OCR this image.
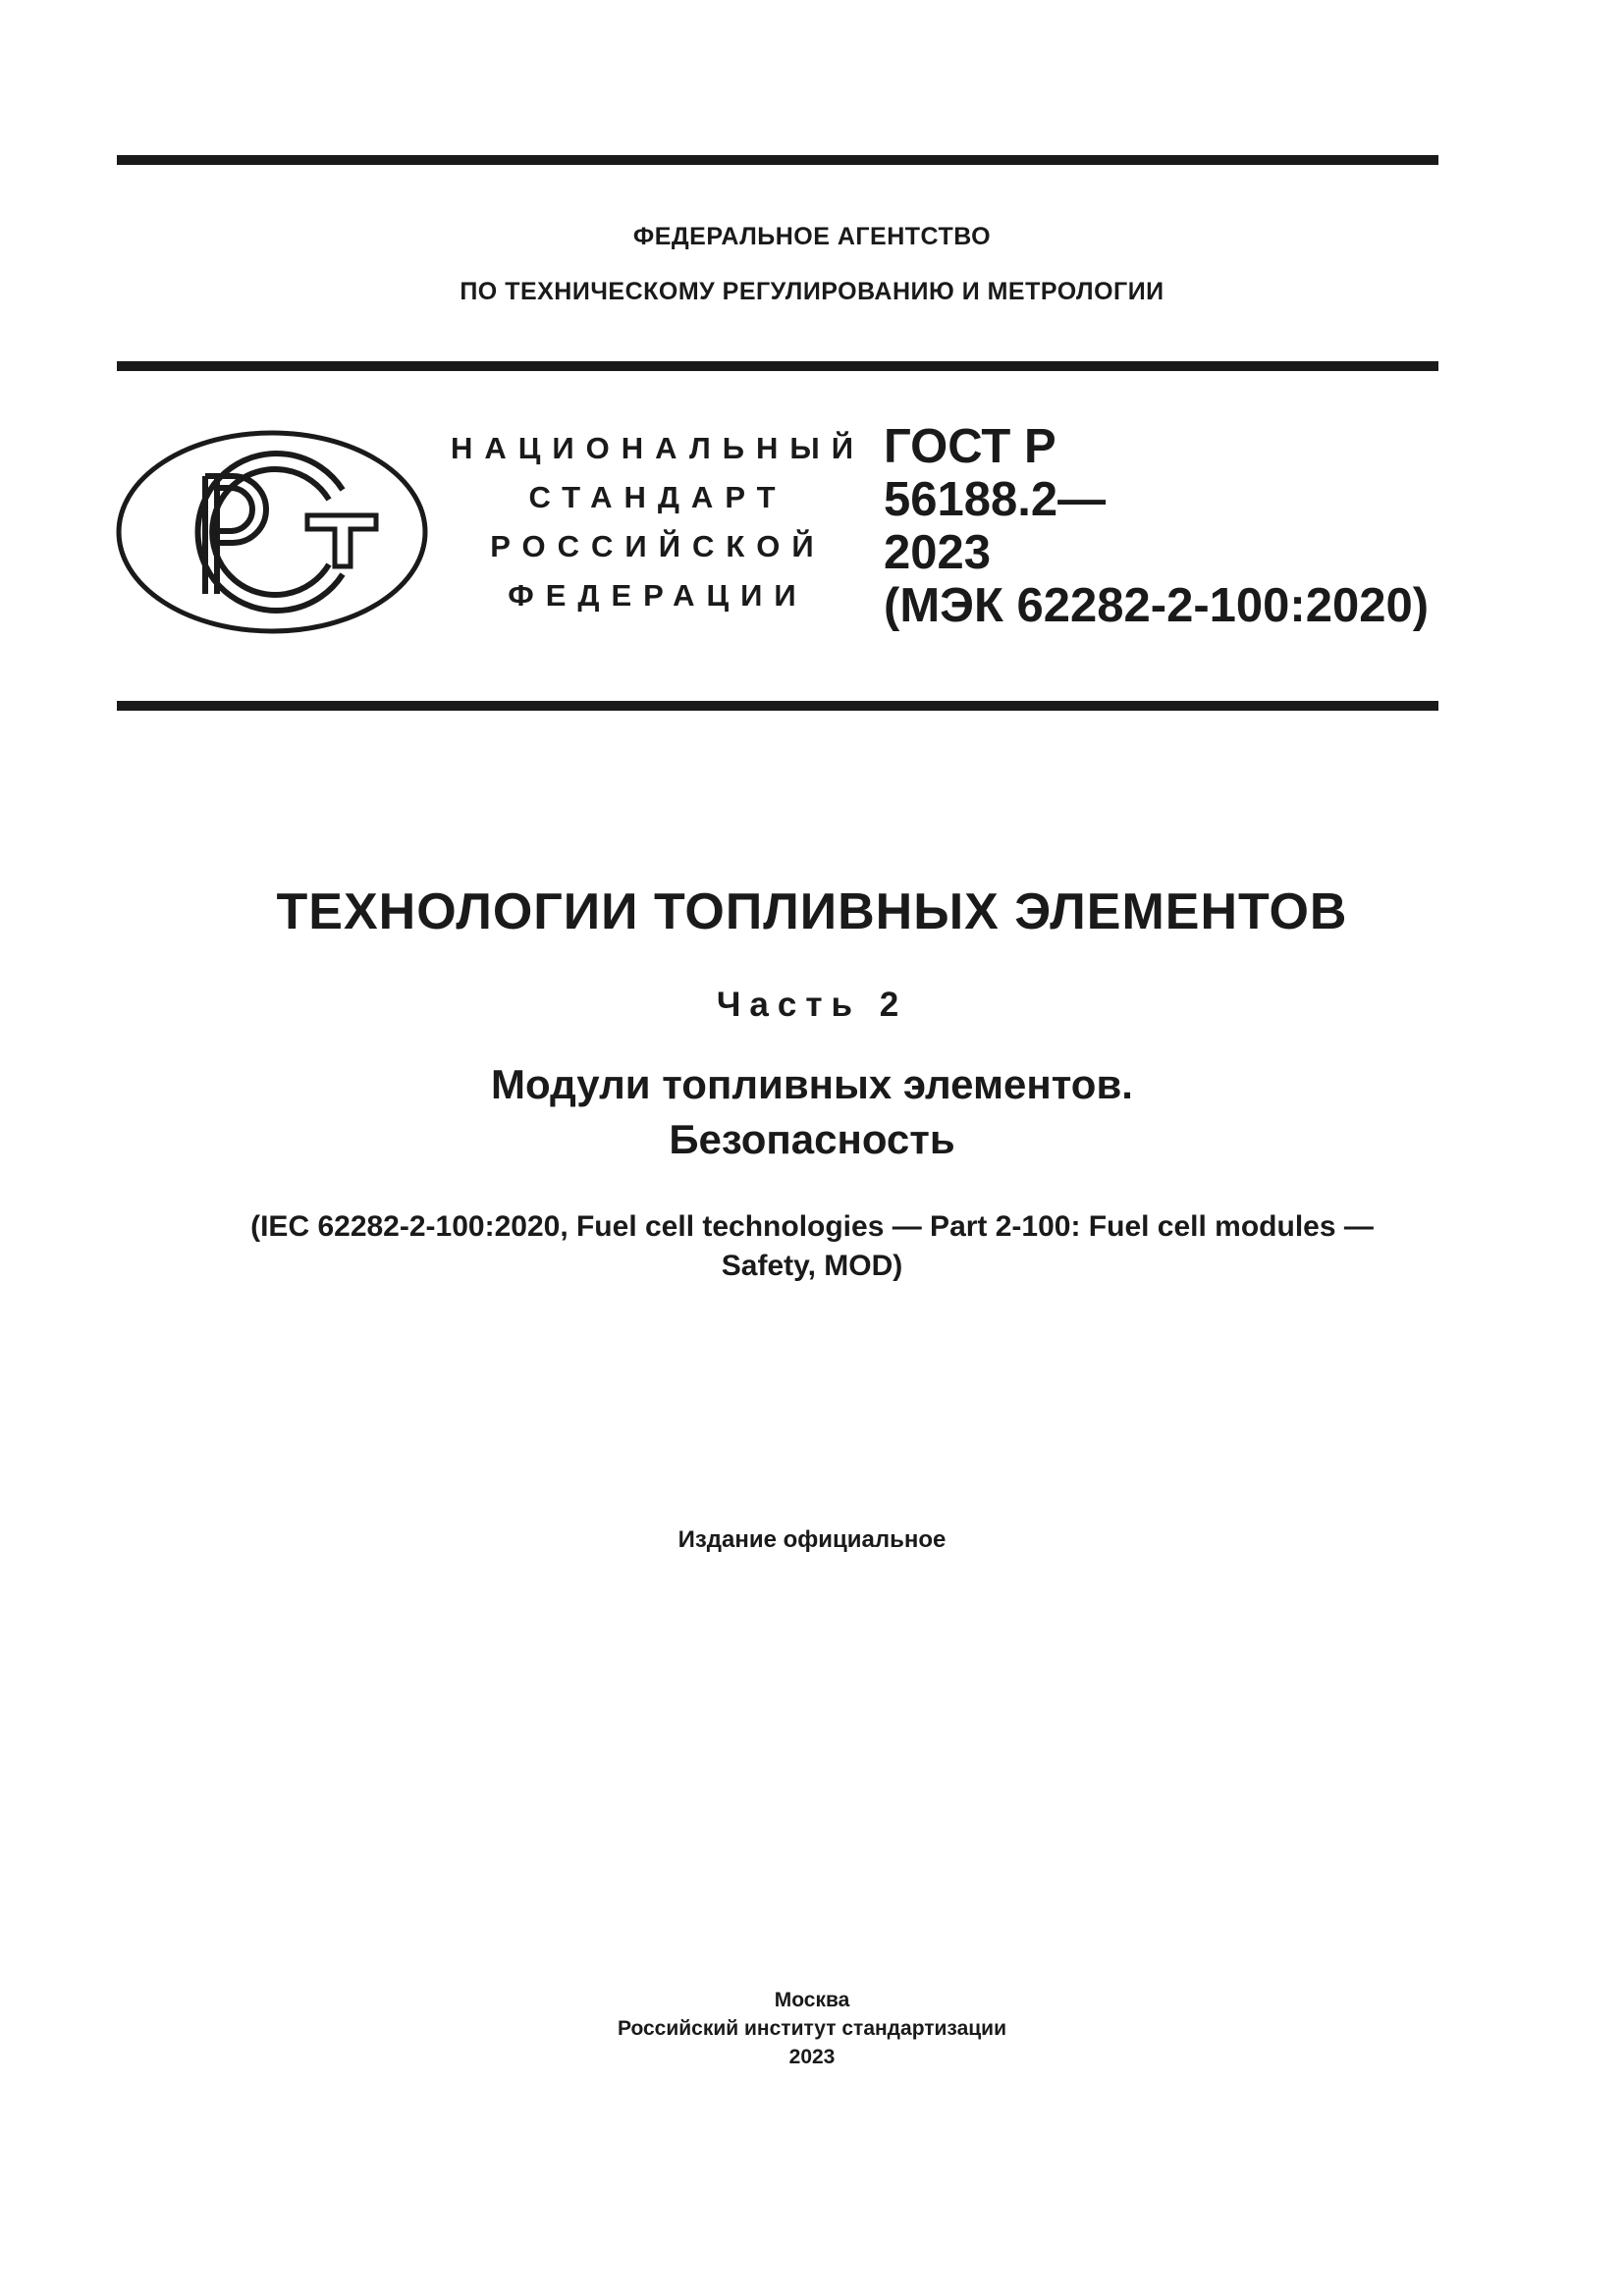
ФЕДЕРАЛЬНОЕ АГЕНТСТВО
ПО ТЕХНИЧЕСКОМУ РЕГУЛИРОВАНИЮ И МЕТРОЛОГИИ
НАЦИОНАЛЬНЫЙ
СТАНДАРТ
РОССИЙСКОЙ
ФЕДЕРАЦИИ
ГОСТ Р
56188.2—
2023
(МЭК 62282-2-100:2020)
ТЕХНОЛОГИИ ТОПЛИВНЫХ ЭЛЕМЕНТОВ
Часть 2
Модули топливных элементов.
Безопасность
(IEC 62282-2-100:2020, Fuel cell technologies — Part 2-100: Fuel cell modules —
Safety, MOD)
Издание официальное
Москва
Российский институт стандартизации
2023
